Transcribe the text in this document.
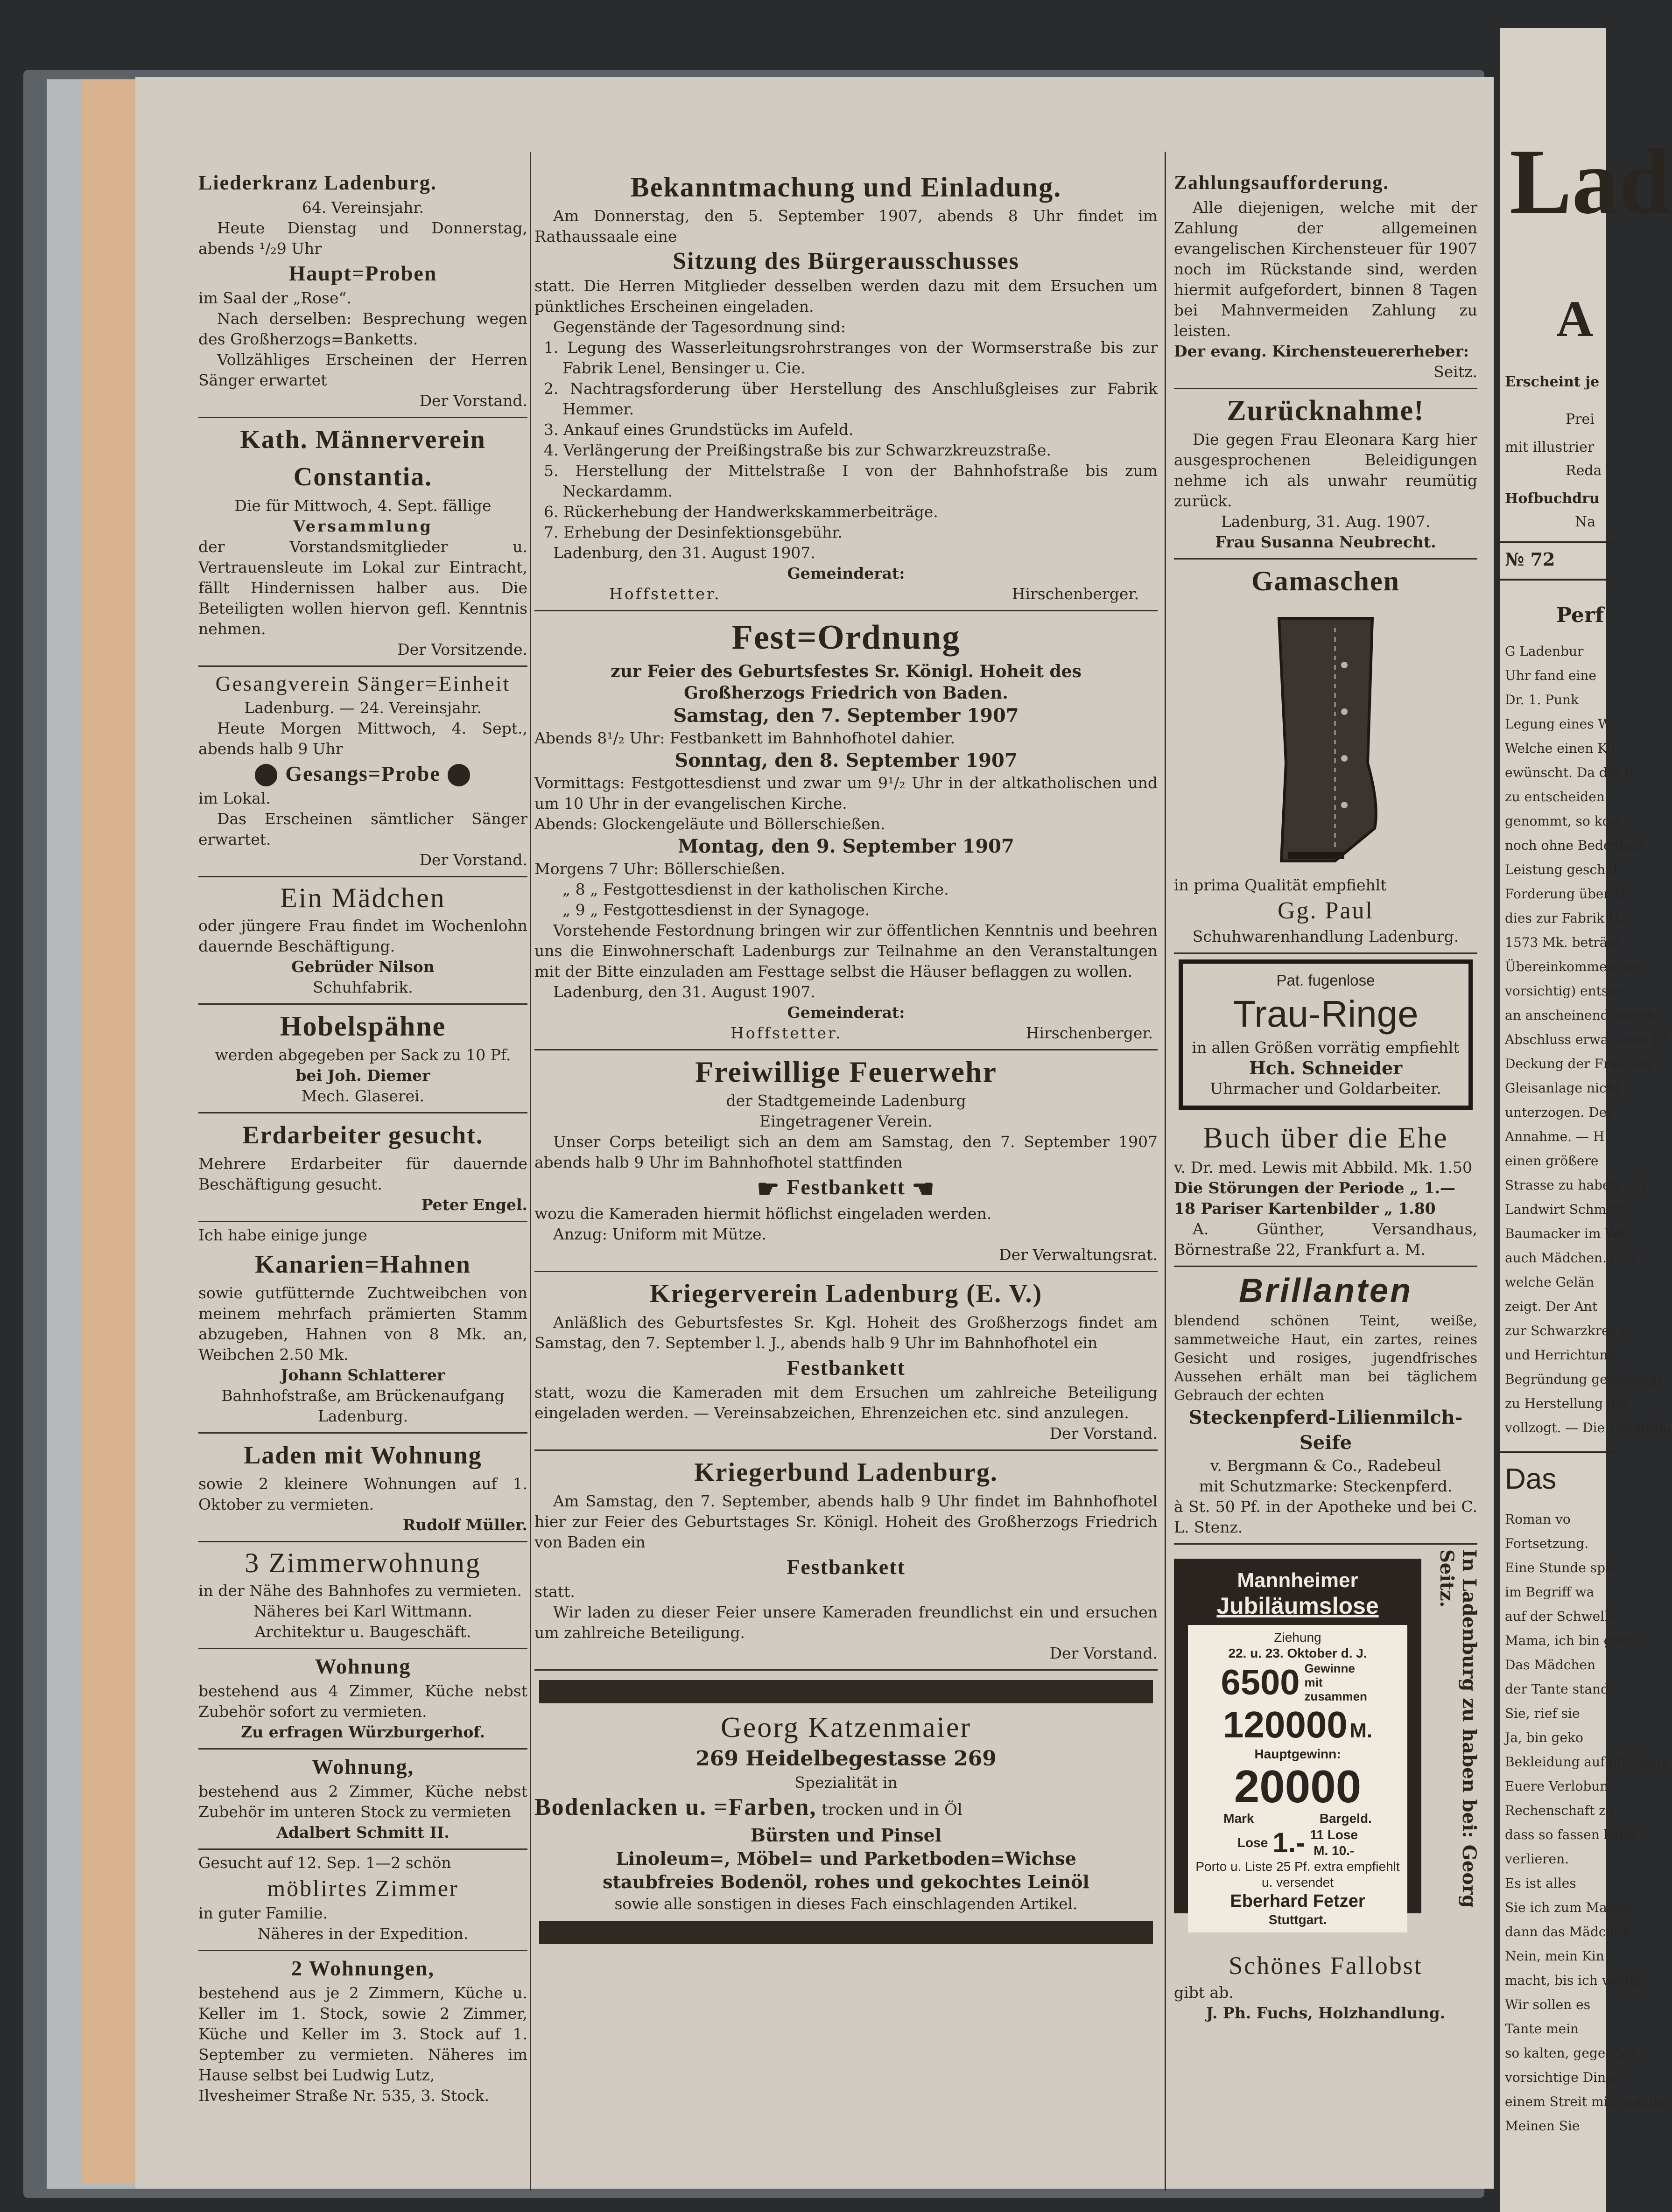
Liederkranz Ladenburg.

64. Vereinsjahr.

Heute Dienstag und Donnerstag, abends ¹/₂9 Uhr

Haupt=Proben

im Saal der „Rose“.

Nach derselben: Besprechung wegen des Großherzogs=Banketts.

Vollzähliges Erscheinen der Herren Sänger erwartet

Der Vorstand.

Kath. Männerverein

Constantia.

Die für Mittwoch, 4. Sept. fällige

Versammlung

der Vorstandsmitglieder u. Vertrauensleute im Lokal zur Eintracht, fällt Hindernissen halber aus. Die Beteiligten wollen hiervon gefl. Kenntnis nehmen.

Der Vorsitzende.

Gesangverein Sänger=Einheit

Ladenburg. — 24. Vereinsjahr.

Heute Morgen Mittwoch, 4. Sept., abends halb 9 Uhr

⬤ Gesangs=Probe ⬤

im Lokal.

Das Erscheinen sämtlicher Sänger erwartet.

Der Vorstand.

Ein Mädchen

oder jüngere Frau findet im Wochenlohn dauernde Beschäftigung.

Gebrüder Nilson

Schuhfabrik.

Hobelspähne

werden abgegeben per Sack zu 10 Pf.

bei Joh. Diemer

Mech. Glaserei.

Erdarbeiter gesucht.

Mehrere Erdarbeiter für dauernde Beschäftigung gesucht.

Peter Engel.

Ich habe einige junge

Kanarien=Hahnen

sowie gutfütternde Zuchtweibchen von meinem mehrfach prämierten Stamm abzugeben, Hahnen von 8 Mk. an, Weibchen 2.50 Mk.

Johann Schlatterer

Bahnhofstraße, am Brückenaufgang Ladenburg.

Laden mit Wohnung

sowie 2 kleinere Wohnungen auf 1. Oktober zu vermieten.

Rudolf Müller.

3 Zimmerwohnung

in der Nähe des Bahnhofes zu vermieten.

Näheres bei Karl Wittmann.

Architektur u. Baugeschäft.

Wohnung

bestehend aus 4 Zimmer, Küche nebst Zubehör sofort zu vermieten.

Zu erfragen Würzburgerhof.

Wohnung,

bestehend aus 2 Zimmer, Küche nebst Zubehör im unteren Stock zu vermieten

Adalbert Schmitt II.

Gesucht auf 12. Sep. 1—2 schön

möblirtes Zimmer

in guter Familie.

Näheres in der Expedition.

2 Wohnungen,

bestehend aus je 2 Zimmern, Küche u. Keller im 1. Stock, sowie 2 Zimmer, Küche und Keller im 3. Stock auf 1. September zu vermieten. Näheres im Hause selbst bei Ludwig Lutz,

Ilvesheimer Straße Nr. 535, 3. Stock.

Bekanntmachung und Einladung.

Am Donnerstag, den 5. September 1907, abends 8 Uhr findet im Rathaussaale eine

Sitzung des Bürgerausschusses

statt. Die Herren Mitglieder desselben werden dazu mit dem Ersuchen um pünktliches Erscheinen eingeladen.

Gegenstände der Tagesordnung sind:

1. Legung des Wasserleitungsrohrstranges von der Wormserstraße bis zur Fabrik Lenel, Bensinger u. Cie.

2. Nachtragsforderung über Herstellung des Anschlußgleises zur Fabrik Hemmer.

3. Ankauf eines Grundstücks im Aufeld.

4. Verlängerung der Preißingstraße bis zur Schwarzkreuzstraße.

5. Herstellung der Mittelstraße I von der Bahnhofstraße bis zum Neckardamm.

6. Rückerhebung der Handwerkskammerbeiträge.

7. Erhebung der Desinfektionsgebühr.

Ladenburg, den 31. August 1907.

Gemeinderat:

Hoffstetter.	Hirschenberger.

Fest=Ordnung

zur Feier des Geburtsfestes Sr. Königl. Hoheit des Großherzogs Friedrich von Baden.

Samstag, den 7. September 1907

Abends 8¹/₂ Uhr: Festbankett im Bahnhofhotel dahier.

Sonntag, den 8. September 1907

Vormittags: Festgottesdienst und zwar um 9¹/₂ Uhr in der altkatholischen und um 10 Uhr in der evangelischen Kirche.

Abends: Glockengeläute und Böllerschießen.

Montag, den 9. September 1907

Morgens 7 Uhr: Böllerschießen.

„ 8 „ Festgottesdienst in der katholischen Kirche.

„ 9 „ Festgottesdienst in der Synagoge.

Vorstehende Festordnung bringen wir zur öffentlichen Kenntnis und beehren uns die Einwohnerschaft Ladenburgs zur Teilnahme an den Veranstaltungen mit der Bitte einzuladen am Festtage selbst die Häuser beflaggen zu wollen.

Ladenburg, den 31. August 1907.

Gemeinderat:

Hoffstetter.	Hirschenberger.

Freiwillige Feuerwehr

der Stadtgemeinde Ladenburg

Eingetragener Verein.

Unser Corps beteiligt sich an dem am Samstag, den 7. September 1907 abends halb 9 Uhr im Bahnhofhotel stattfinden

☛ Festbankett ☚

wozu die Kameraden hiermit höflichst eingeladen werden.

Anzug: Uniform mit Mütze.

Der Verwaltungsrat.

Kriegerverein Ladenburg (E. V.)

Anläßlich des Geburtsfestes Sr. Kgl. Hoheit des Großherzogs findet am Samstag, den 7. September l. J., abends halb 9 Uhr im Bahnhofhotel ein

Festbankett

statt, wozu die Kameraden mit dem Ersuchen um zahlreiche Beteiligung eingeladen werden. — Vereinsabzeichen, Ehrenzeichen etc. sind anzulegen.

Der Vorstand.

Kriegerbund Ladenburg.

Am Samstag, den 7. September, abends halb 9 Uhr findet im Bahnhofhotel hier zur Feier des Geburtstages Sr. Königl. Hoheit des Großherzogs Friedrich von Baden ein

Festbankett

statt.

Wir laden zu dieser Feier unsere Kameraden freundlichst ein und ersuchen um zahlreiche Beteiligung.

Der Vorstand.

Georg Katzenmaier

269 Heidelbegestasse 269

Spezialität in

Bodenlacken u. =Farben, trocken und in Öl

Bürsten und Pinsel

Linoleum=, Möbel= und Parketboden=Wichse

staubfreies Bodenöl, rohes und gekochtes Leinöl

sowie alle sonstigen in dieses Fach einschlagenden Artikel.

Zahlungsaufforderung.

Alle diejenigen, welche mit der Zahlung der allgemeinen evangelischen Kirchensteuer für 1907 noch im Rückstande sind, werden hiermit aufgefordert, binnen 8 Tagen bei Mahnvermeiden Zahlung zu leisten.

Der evang. Kirchensteuererheber:

Seitz.

Zurücknahme!

Die gegen Frau Eleonara Karg hier ausgesprochenen Beleidigungen nehme ich als unwahr reumütig zurück.

Ladenburg, 31. Aug. 1907.

Frau Susanna Neubrecht.

Gamaschen

in prima Qualität empfiehlt

Gg. Paul

Schuhwarenhandlung Ladenburg.

Pat. fugenlose

Trau-Ringe

in allen Größen vorrätig empfiehlt

Hch. Schneider

Uhrmacher und Goldarbeiter.

Buch über die Ehe

v. Dr. med. Lewis mit Abbild. Mk. 1.50

Die Störungen der Periode „ 1.—

18 Pariser Kartenbilder „ 1.80

A. Günther, Versandhaus, Börnestraße 22, Frankfurt a. M.

Brillanten

blendend schönen Teint, weiße, sammetweiche Haut, ein zartes, reines Gesicht und rosiges, jugendfrisches Aussehen erhält man bei täglichem Gebrauch der echten

Steckenpferd-Lilienmilch-Seife

v. Bergmann & Co., Radebeul

mit Schutzmarke: Steckenpferd.

à St. 50 Pf. in der Apotheke und bei C. L. Stenz.

Mannheimer
Jubiläumslose
Ziehung
22. u. 23. Oktober d. J.
6500 Gewinne mit zusammen
120000 M.
Hauptgewinn:
20000
Mark	Bargeld.
Lose 1.- 11 Lose
M. 10.-
Porto u. Liste 25 Pf. extra empfiehlt u. versendet
Eberhard Fetzer
Stuttgart.
In Ladenburg zu haben bei: Georg Seitz.

Schönes Fallobst

gibt ab.

J. Ph. Fuchs, Holzhandlung.

Lad
A
Erscheint je
Prei
mit illustrier
Reda
Hofbuchdru
Na
№ 72
Perf
G Ladenbur
Uhr fand eine
Dr. 1. Punk
Legung eines W
Welche einen Ko
ewünscht. Da die F
zu entscheiden
genommt, so kon
noch ohne Bedenken
Leistung geschah.
Forderung über H
dies zur Fabrik He
1573 Mk. beträgt.
Übereinkommen des
vorsichtig) entste
an anscheinend unrich
Abschluss erwachsen 17
Deckung der Fraktion
Gleisanlage nicht
unterzogen. Der
Annahme. — H
einen größere
Strasse zu haben, eri
Landwirt Schmitt
Baumacker im We
auch Mädchen. Ges
welche Gelän
zeigt. Der Ant
zur Schwarzkreuz
und Herrichtung
Begründung genehmigt
zu Herstellung der
vollzogt. — Die Herstellu
Das
Roman vo
Fortsetzung.
Eine Stunde spä
im Begriff wa
auf der Schwelle
Mama, ich bin ganz
Das Mädchen
der Tante stand
Sie, rief sie
Ja, bin geko
Bekleidung aufgefordert
Euere Verlobun
Rechenschaft zu
dass so fassen kann
verlieren.
Es ist alles
Sie ich zum Manne
dann das Mädchen
Nein, mein Kin
macht, bis ich wegen
Wir sollen es
Tante mein
so kalten, gegenber
vorsichtige Dinge
einem Streit miteinander
Meinen Sie
